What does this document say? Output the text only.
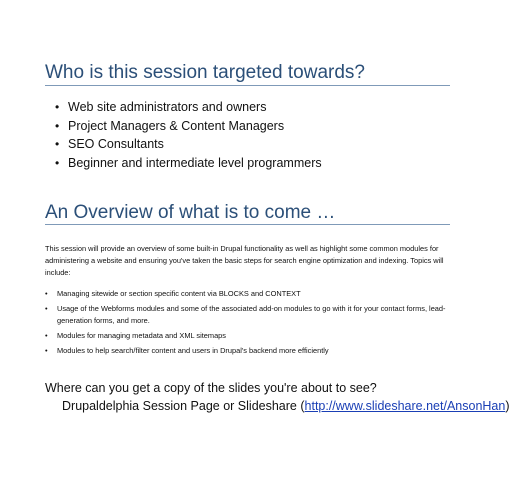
Who is this session targeted towards?
• Web site administrators and owners
• Project Managers & Content Managers
• SEO Consultants
• Beginner and intermediate level programmers
An Overview of what is to come …

This session will provide an overview of some built-in Drupal functionality as well as highlight some common modules for
administering a website and ensuring you've taken the basic steps for search engine optimization and indexing. Topics will include:

• Managing sitewide or section specific content via BLOCKS and CONTEXT
• Usage of the Webforms modules and some of the associated add-on modules to go with it for your contact forms, lead-generation forms, and more.
• Modules for managing metadata and XML sitemaps
• Modules to help search/filter content and users in Drupal's backend more efficiently

Where can you get a copy of the slides you're about to see?

Drupaldelphia Session Page or Slideshare (http://www.slideshare.net/AnsonHan)
